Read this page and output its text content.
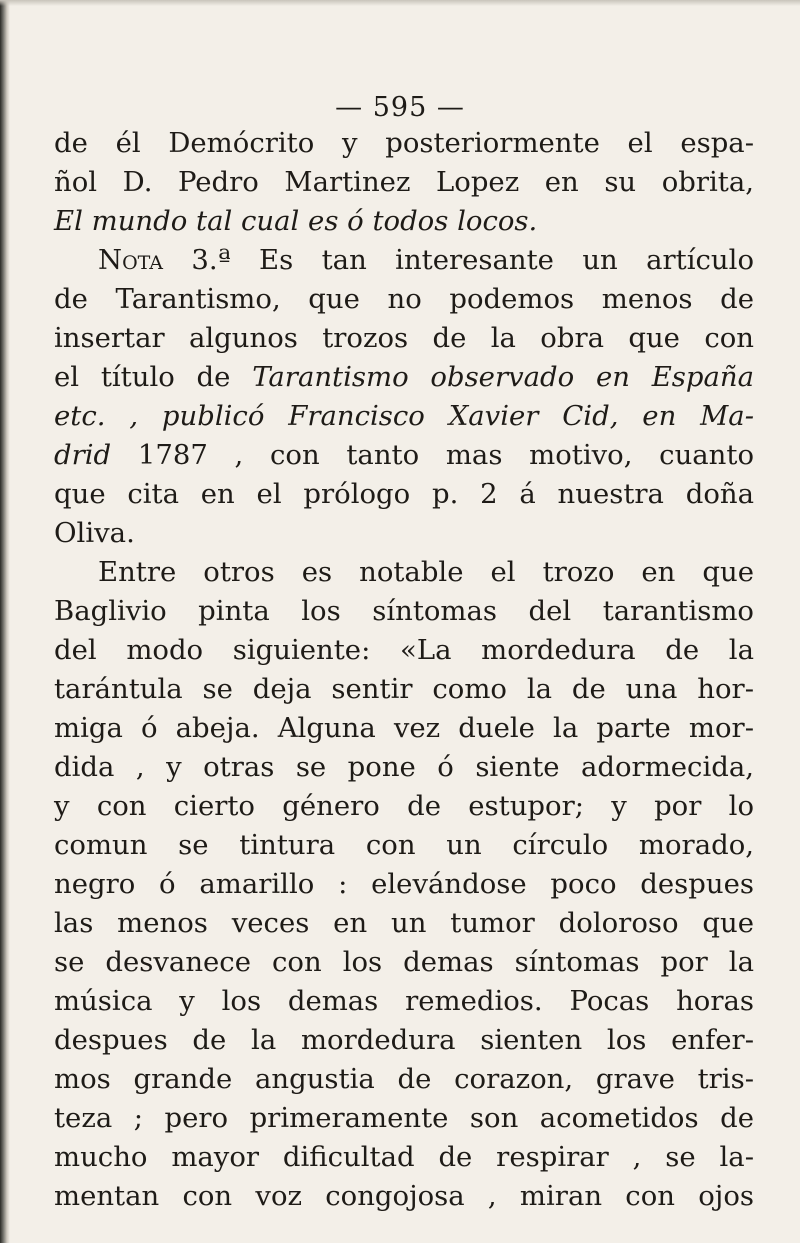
— 595 —
de él Demócrito y posteriormente el espa-
ñol D. Pedro Martinez Lopez en su obrita,
El mundo tal cual es ó todos locos.
Nota 3.ª Es tan interesante un artículo
de Tarantismo, que no podemos menos de
insertar algunos trozos de la obra que con
el título de Tarantismo observado en España
etc. , publicó Francisco Xavier Cid, en Ma-
drid 1787 , con tanto mas motivo, cuanto
que cita en el prólogo p. 2 á nuestra doña
Oliva.
Entre otros es notable el trozo en que
Baglivio pinta los síntomas del tarantismo
del modo siguiente: «La mordedura de la
tarántula se deja sentir como la de una hor-
miga ó abeja. Alguna vez duele la parte mor-
dida , y otras se pone ó siente adormecida,
y con cierto género de estupor; y por lo
comun se tintura con un círculo morado,
negro ó amarillo : elevándose poco despues
las menos veces en un tumor doloroso que
se desvanece con los demas síntomas por la
música y los demas remedios. Pocas horas
despues de la mordedura sienten los enfer-
mos grande angustia de corazon, grave tris-
teza ; pero primeramente son acometidos de
mucho mayor dificultad de respirar , se la-
mentan con voz congojosa , miran con ojos
